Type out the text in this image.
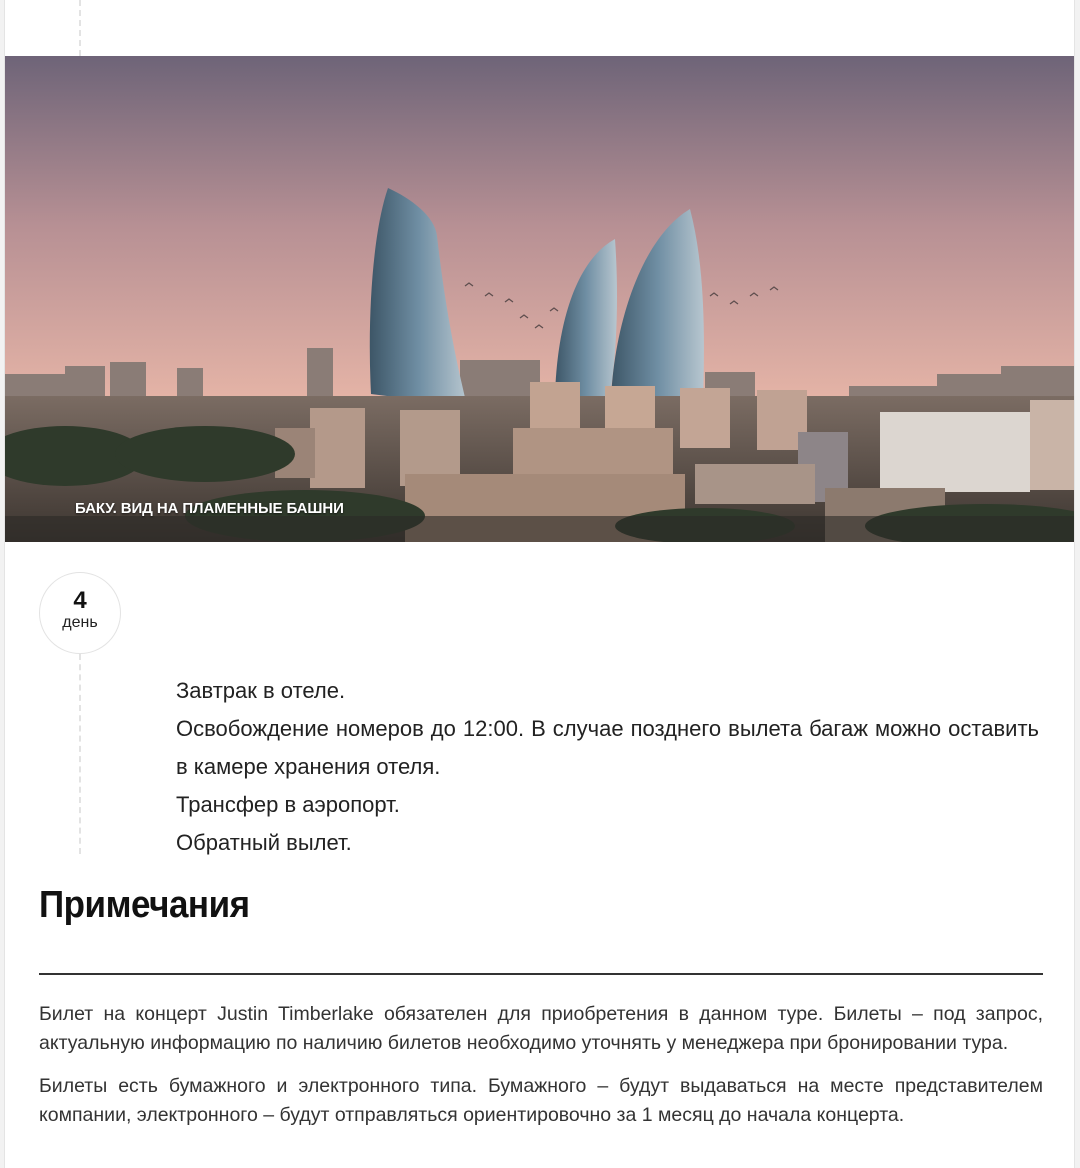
БАКУ. ВИД НА ПЛАМЕННЫЕ БАШНИ
4
день

Завтрак в отеле.

Освобождение номеров до 12:00. В случае позднего вылета багаж можно оставить в камере хранения отеля.

Трансфер в аэропорт.

Обратный вылет.

Примечания

Билет на концерт Justin Timberlake обязателен для приобретения в данном туре. Билеты – под запрос, актуальную информацию по наличию билетов необходимо уточнять у менеджера при бронировании тура.

Билеты есть бумажного и электронного типа. Бумажного – будут выдаваться на месте представителем компании, электронного – будут отправляться ориентировочно за 1 месяц до начала концерта.
